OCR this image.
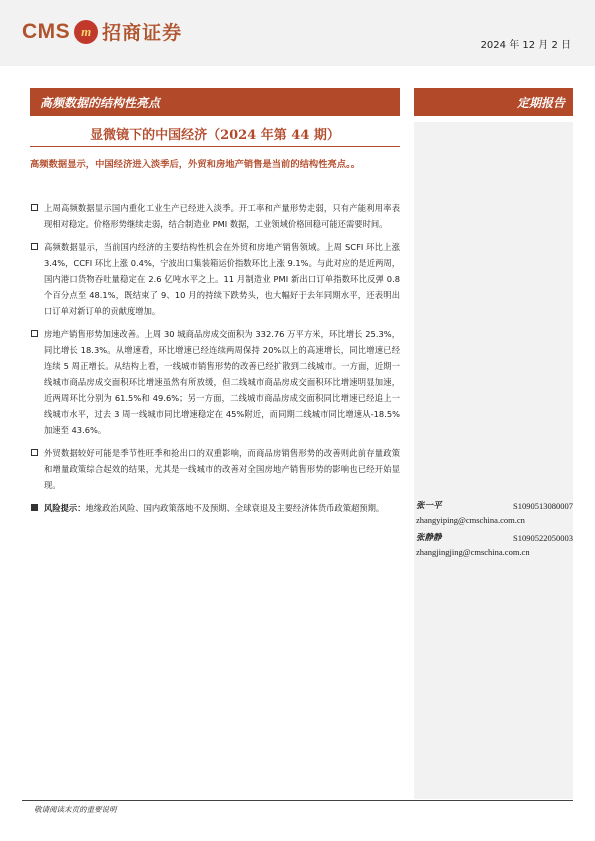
CMS m 招商证券
2024 年 12 月 2 日
高频数据的结构性亮点	定期报告
显微镜下的中国经济（2024 年第 44 期）
高频数据显示，中国经济进入淡季后，外贸和房地产销售是当前的结构性亮点。。
张一平	S1090513080007
zhangyiping@cmschina.com.cn
张静静	S1090522050003
zhangjingjing@cmschina.com.cn
上周高频数据显示国内重化工业生产已经进入淡季。开工率和产量形势走弱，只有产能利用率表现相对稳定。价格形势继续走弱，结合制造业 PMI 数据，工业领域价格回稳可能还需要时间。
高频数据显示，当前国内经济的主要结构性机会在外贸和房地产销售领域。上周 SCFI 环比上涨 3.4%，CCFI 环比上涨 0.4%，宁波出口集装箱运价指数环比上涨 9.1%。与此对应的是近两周，国内港口货物吞吐量稳定在 2.6 亿吨水平之上。11 月制造业 PMI 新出口订单指数环比反弹 0.8 个百分点至 48.1%，既结束了 9、10 月的持续下跌势头，也大幅好于去年同期水平，还表明出口订单对新订单的贡献度增加。
房地产销售形势加速改善。上周 30 城商品房成交面积为 332.76 万平方米，环比增长 25.3%，同比增长 18.3%。从增速看，环比增速已经连续两周保持 20%以上的高速增长，同比增速已经连续 5 周正增长。从结构上看，一线城市销售形势的改善已经扩散到二线城市。一方面，近期一线城市商品房成交面积环比增速虽然有所放缓，但二线城市商品房成交面积环比增速明显加速，近两周环比分别为 61.5%和 49.6%；另一方面，二线城市商品房成交面积同比增速已经追上一线城市水平，过去 3 周一线城市同比增速稳定在 45%附近，而同期二线城市同比增速从-18.5%加速至 43.6%。
外贸数据较好可能是季节性旺季和抢出口的双重影响，而商品房销售形势的改善则此前存量政策和增量政策综合起效的结果，尤其是一线城市的改善对全国房地产销售形势的影响也已经开始显现。
风险提示：地缘政治风险、国内政策落地不及预期、全球衰退及主要经济体货币政策超预期。
敬请阅读末页的重要说明
